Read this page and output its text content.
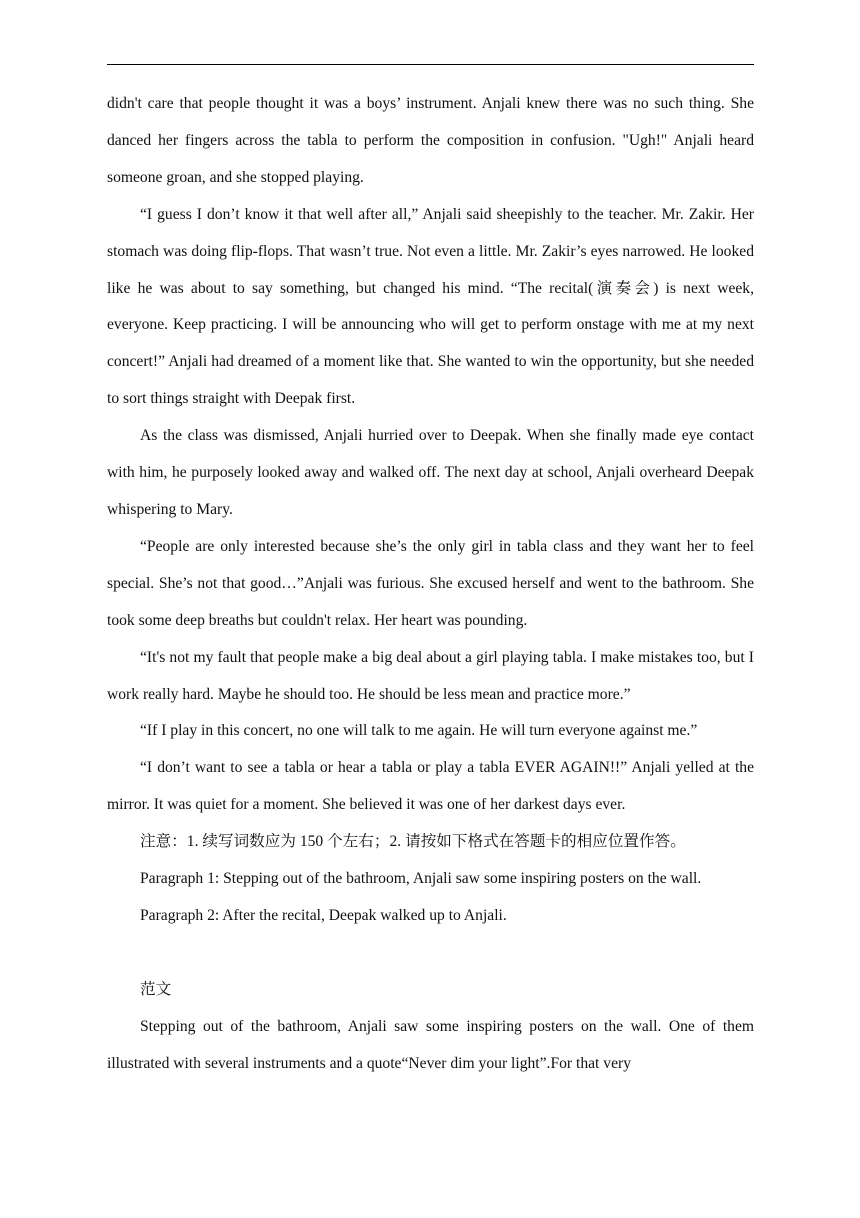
didn't care that people thought it was a boys’ instrument. Anjali knew there was no such thing. She danced her fingers across the tabla to perform the composition in confusion. "Ugh!" Anjali heard someone groan, and she stopped playing.

“I guess I don’t know it that well after all,” Anjali said sheepishly to the teacher. Mr. Zakir. Her stomach was doing flip-flops. That wasn’t true. Not even a little. Mr. Zakir’s eyes narrowed. He looked like he was about to say something, but changed his mind. “The recital(演奏会) is next week, everyone. Keep practicing. I will be announcing who will get to perform onstage with me at my next concert!” Anjali had dreamed of a moment like that. She wanted to win the opportunity, but she needed to sort things straight with Deepak first.

As the class was dismissed, Anjali hurried over to Deepak. When she finally made eye contact with him, he purposely looked away and walked off. The next day at school, Anjali overheard Deepak whispering to Mary.

“People are only interested because she’s the only girl in tabla class and they want her to feel special. She’s not that good…”Anjali was furious. She excused herself and went to the bathroom. She took some deep breaths but couldn't relax. Her heart was pounding.

“It's not my fault that people make a big deal about a girl playing tabla. I make mistakes too, but I work really hard. Maybe he should too. He should be less mean and practice more.”

“If I play in this concert, no one will talk to me again. He will turn everyone against me.”

“I don’t want to see a tabla or hear a tabla or play a tabla EVER AGAIN!!” Anjali yelled at the mirror. It was quiet for a moment. She believed it was one of her darkest days ever.

注意：1. 续写词数应为 150 个左右；2. 请按如下格式在答题卡的相应位置作答。

Paragraph 1: Stepping out of the bathroom, Anjali saw some inspiring posters on the wall.

Paragraph 2: After the recital, Deepak walked up to Anjali.

范文

Stepping out of the bathroom, Anjali saw some inspiring posters on the wall. One of them illustrated with several instruments and a quote“Never dim your light”.For that very
